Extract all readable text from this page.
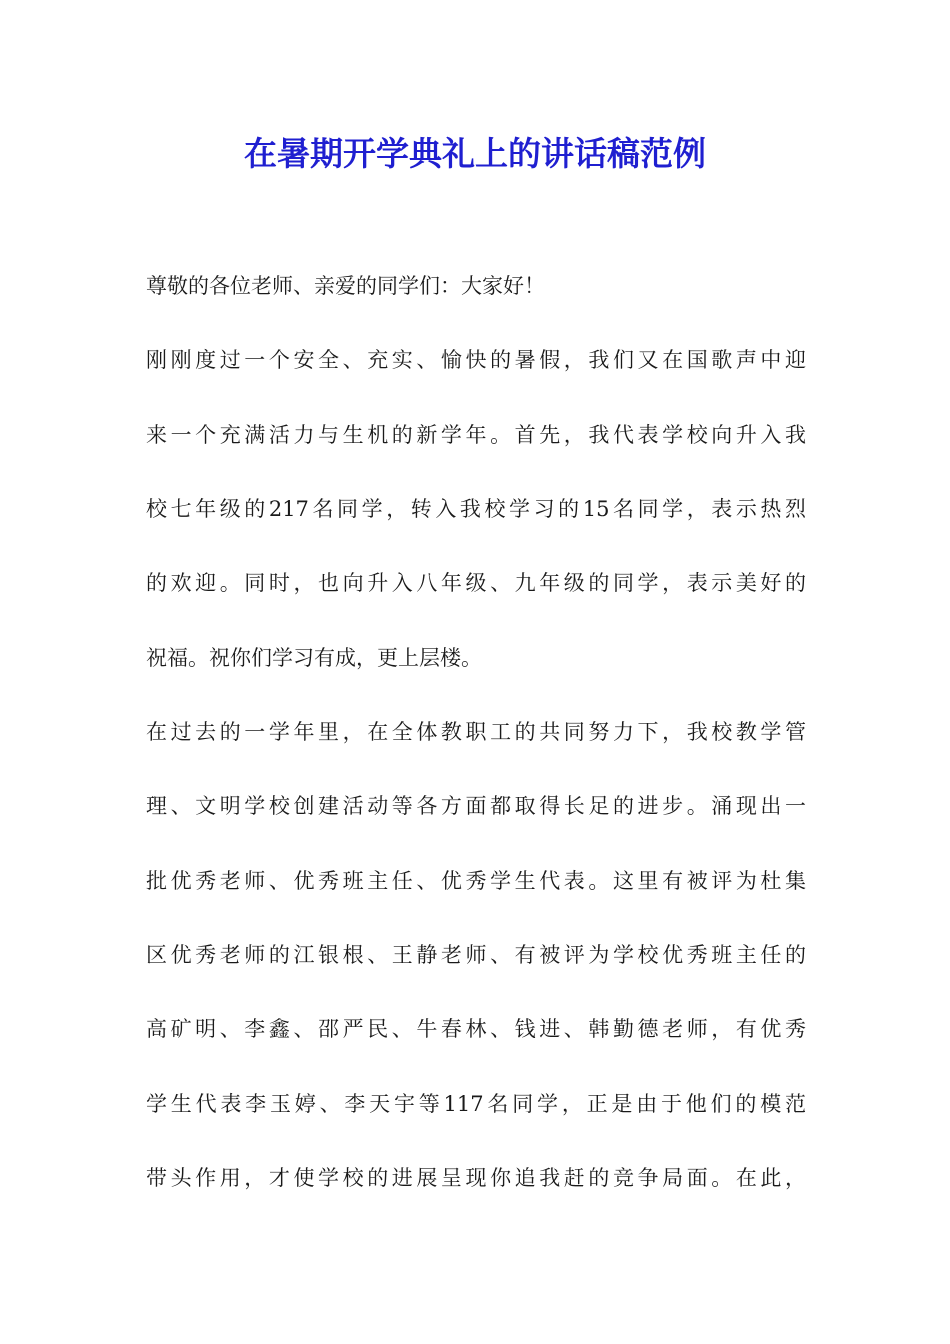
在暑期开学典礼上的讲话稿范例

尊敬的各位老师、亲爱的同学们：大家好！

刚刚度过一个安全、充实、愉快的暑假，我们又在国歌声中迎

来一个充满活力与生机的新学年。首先，我代表学校向升入我

校七年级的217名同学，转入我校学习的15名同学，表示热烈

的欢迎。同时，也向升入八年级、九年级的同学，表示美好的

祝福。祝你们学习有成，更上层楼。

在过去的一学年里，在全体教职工的共同努力下，我校教学管

理、文明学校创建活动等各方面都取得长足的进步。涌现出一

批优秀老师、优秀班主任、优秀学生代表。这里有被评为杜集

区优秀老师的江银根、王静老师、有被评为学校优秀班主任的

高矿明、李鑫、邵严民、牛春林、钱进、韩勤德老师，有优秀

学生代表李玉婷、李天宇等117名同学，正是由于他们的模范

带头作用，才使学校的进展呈现你追我赶的竞争局面。在此，
